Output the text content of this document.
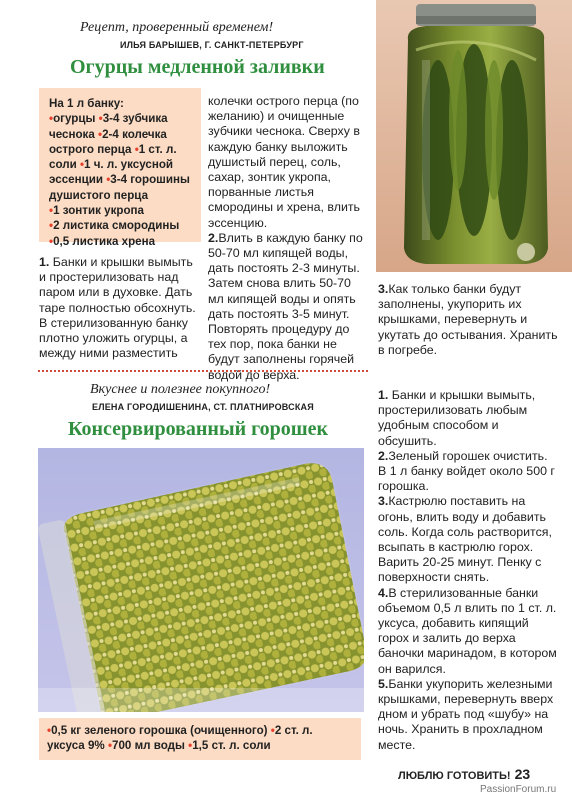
Рецепт, проверенный временем!
ИЛЬЯ БАРЫШЕВ, Г. САНКТ-ПЕТЕРБУРГ
Огурцы медленной заливки
На 1 л банку:
•огурцы •3-4 зубчика чеснока •2-4 колечка острого перца •1 ст. л. соли •1 ч. л. уксусной эссенции •3-4 горошины душистого перца
•1 зонтик укропа
•2 листика смородины
•0,5 листика хрена

1. Банки и крышки вымыть и простерилизовать над паром или в духовке. Дать таре полностью обсохнуть. В стерилизованную банку плотно уложить огурцы, а между ними разместить

колечки острого перца (по желанию) и очищенные зубчики чеснока. Сверху в каждую банку выложить душистый перец, соль, сахар, зонтик укропа, порванные листья смородины и хрена, влить эссенцию.

2.Влить в каждую банку по 50-70 мл кипящей воды, дать постоять 2-3 минуты. Затем снова влить 50-70 мл кипящей воды и опять дать постоять 3-5 минут. Повторять процедуру до тех пор, пока банки не будут заполнены горячей водой до верха.

3.Как только банки будут заполнены, укупорить их крышками, перевернуть и укутать до остывания. Хранить в погребе.

Вкуснее и полезнее покупного!
ЕЛЕНА ГОРОДИШЕНИНА, СТ. ПЛАТНИРОВСКАЯ
Консервированный горошек
•0,5 кг зеленого горошка (очищенного) •2 ст. л. уксуса 9% •700 мл воды •1,5 ст. л. соли

1. Банки и крышки вымыть, простерилизовать любым удобным способом и обсушить.

2.Зеленый горошек очистить. В 1 л банку войдет около 500 г горошка.

3.Кастрюлю поставить на огонь, влить воду и добавить соль. Когда соль растворится, всыпать в кастрюлю горох. Варить 20-25 минут. Пенку с поверхности снять.

4.В стерилизованные банки объемом 0,5 л влить по 1 ст. л. уксуса, добавить кипящий горох и залить до верха баночки маринадом, в котором он варился.

5.Банки укупорить железными крышками, перевернуть вверх дном и убрать под «шубу» на ночь. Хранить в прохладном месте.

ЛЮБЛЮ ГОТОВИТЬ! 23
PassionForum.ru
